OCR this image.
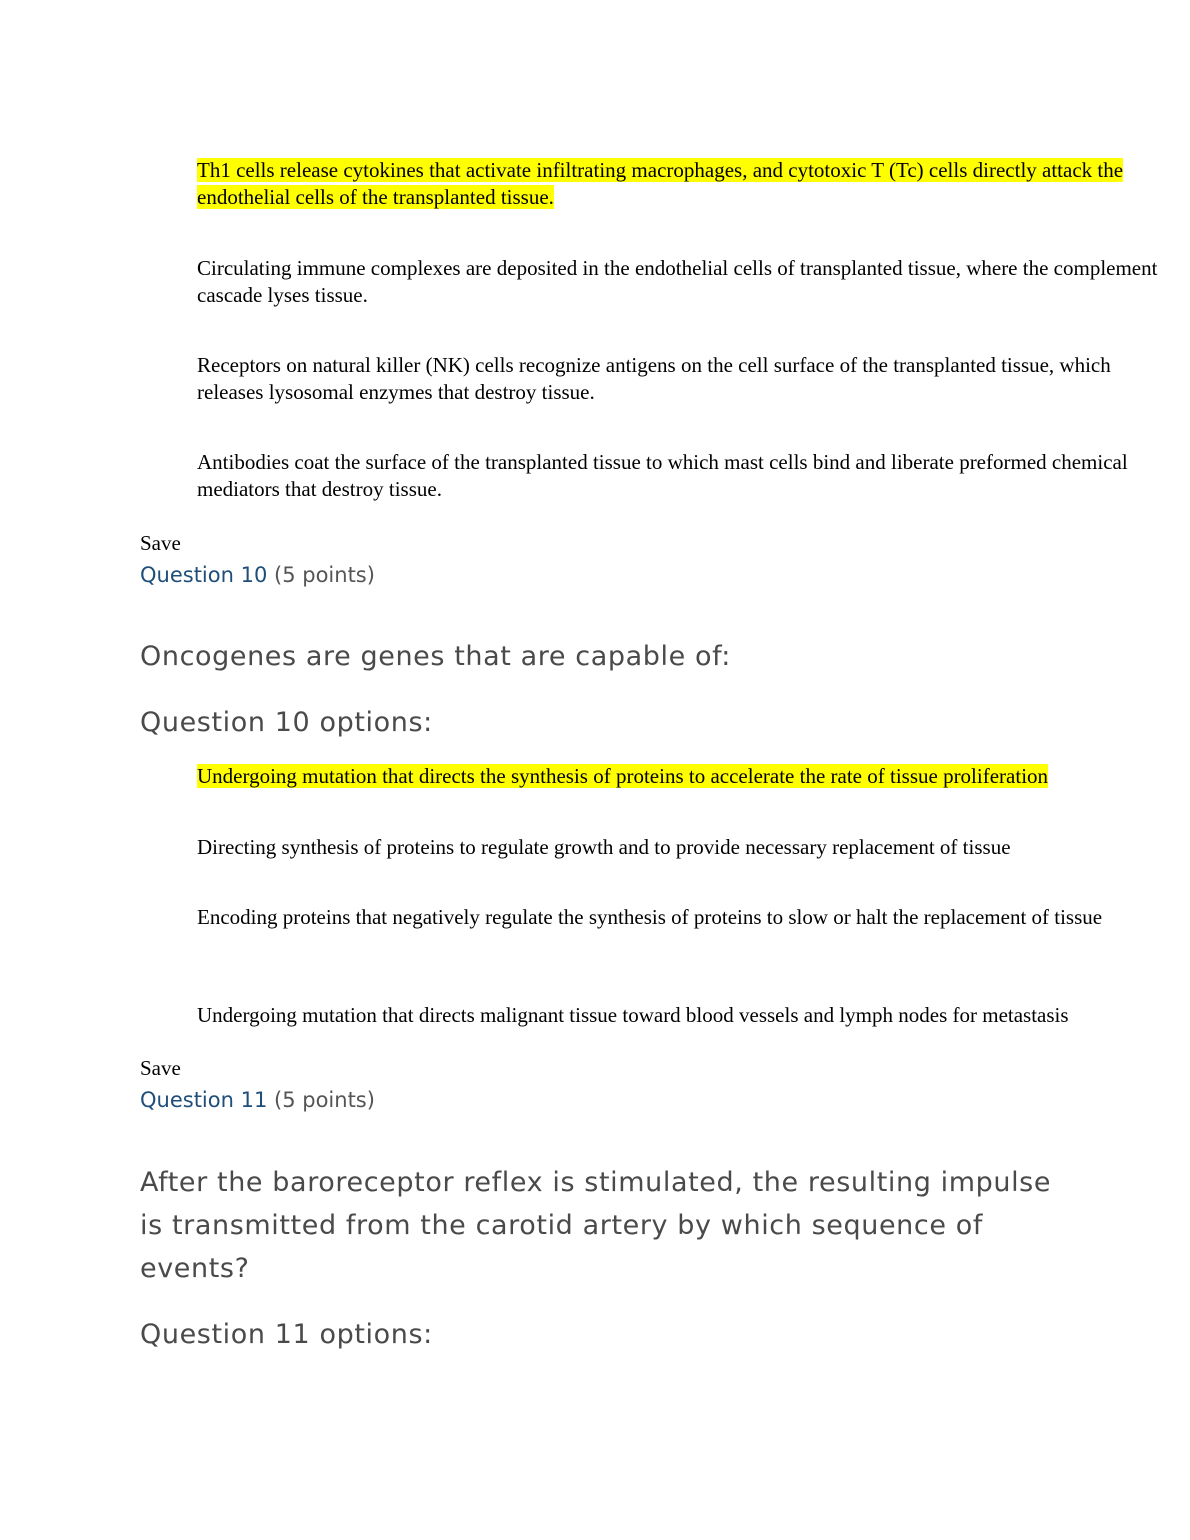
Th1 cells release cytokines that activate infiltrating macrophages, and cytotoxic T (Tc) cells directly attack the endothelial cells of the transplanted tissue.
Circulating immune complexes are deposited in the endothelial cells of transplanted tissue, where the complement cascade lyses tissue.
Receptors on natural killer (NK) cells recognize antigens on the cell surface of the transplanted tissue, which releases lysosomal enzymes that destroy tissue.
Antibodies coat the surface of the transplanted tissue to which mast cells bind and liberate preformed chemical mediators that destroy tissue.
Save
Question 10 (5 points)
Oncogenes are genes that are capable of:
Question 10 options:
Undergoing mutation that directs the synthesis of proteins to accelerate the rate of tissue proliferation
Directing synthesis of proteins to regulate growth and to provide necessary replacement of tissue
Encoding proteins that negatively regulate the synthesis of proteins to slow or halt the replacement of tissue
Undergoing mutation that directs malignant tissue toward blood vessels and lymph nodes for metastasis
Save
Question 11 (5 points)
After the baroreceptor reflex is stimulated, the resulting impulse is transmitted from the carotid artery by which sequence of events?
Question 11 options:
